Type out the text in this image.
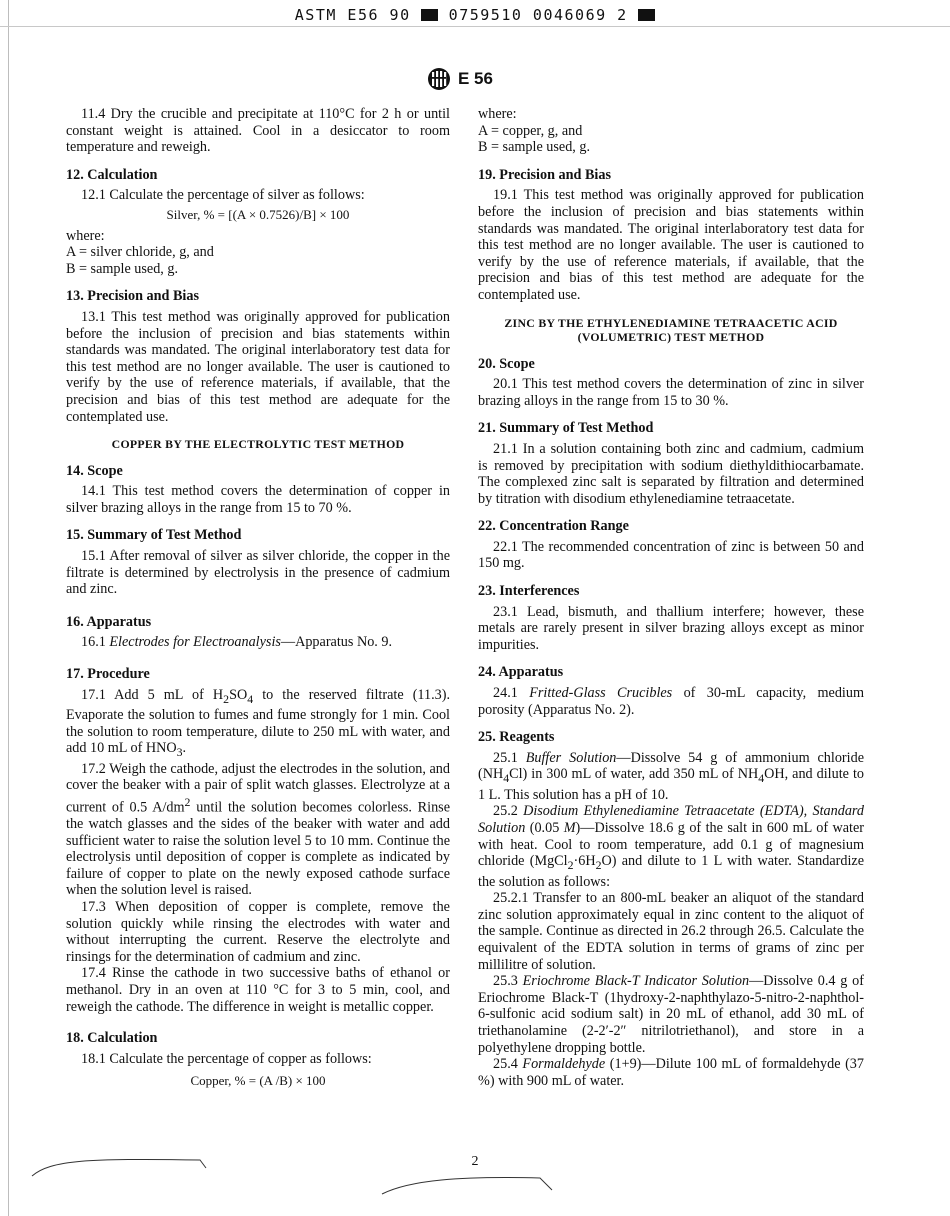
ASTM E56 90	0759510 0046069 2
E 56

11.4 Dry the crucible and precipitate at 110°C for 2 h or until constant weight is attained. Cool in a desiccator to room temperature and reweigh.

12. Calculation

12.1 Calculate the percentage of silver as follows:

Silver, % = [(A × 0.7526)/B] × 100

where:

A = silver chloride, g, and

B = sample used, g.

13. Precision and Bias

13.1 This test method was originally approved for publication before the inclusion of precision and bias statements within standards was mandated. The original interlaboratory test data for this test method are no longer available. The user is cautioned to verify by the use of reference materials, if available, that the precision and bias of this test method are adequate for the contemplated use.

COPPER BY THE ELECTROLYTIC TEST METHOD

14. Scope

14.1 This test method covers the determination of copper in silver brazing alloys in the range from 15 to 70 %.

15. Summary of Test Method

15.1 After removal of silver as silver chloride, the copper in the filtrate is determined by electrolysis in the presence of cadmium and zinc.

16. Apparatus

16.1 Electrodes for Electroanalysis—Apparatus No. 9.

17. Procedure

17.1 Add 5 mL of $H_2SO_4$ to the reserved filtrate (11.3). Evaporate the solution to fumes and fume strongly for 1 min. Cool the solution to room temperature, dilute to 250 mL with water, and add 10 mL of $HNO_3$.

17.2 Weigh the cathode, adjust the electrodes in the solution, and cover the beaker with a pair of split watch glasses. Electrolyze at a current of 0.5 $A/dm^2$ until the solution becomes colorless. Rinse the watch glasses and the sides of the beaker with water and add sufficient water to raise the solution level 5 to 10 mm. Continue the electrolysis until deposition of copper is complete as indicated by failure of copper to plate on the newly exposed cathode surface when the solution level is raised.

17.3 When deposition of copper is complete, remove the solution quickly while rinsing the electrodes with water and without interrupting the current. Reserve the electrolyte and rinsings for the determination of cadmium and zinc.

17.4 Rinse the cathode in two successive baths of ethanol or methanol. Dry in an oven at 110 °C for 3 to 5 min, cool, and reweigh the cathode. The difference in weight is metallic copper.

18. Calculation

18.1 Calculate the percentage of copper as follows:

Copper, % = (A /B) × 100

where:

A = copper, g, and

B = sample used, g.

19. Precision and Bias

19.1 This test method was originally approved for publication before the inclusion of precision and bias statements within standards was mandated. The original interlaboratory test data for this test method are no longer available. The user is cautioned to verify by the use of reference materials, if available, that the precision and bias of this test method are adequate for the contemplated use.

ZINC BY THE ETHYLENEDIAMINE TETRAACETIC ACID
(VOLUMETRIC) TEST METHOD

20. Scope

20.1 This test method covers the determination of zinc in silver brazing alloys in the range from 15 to 30 %.

21. Summary of Test Method

21.1 In a solution containing both zinc and cadmium, cadmium is removed by precipitation with sodium diethyldithiocarbamate. The complexed zinc salt is separated by filtration and determined by titration with disodium ethylenediamine tetraacetate.

22. Concentration Range

22.1 The recommended concentration of zinc is between 50 and 150 mg.

23. Interferences

23.1 Lead, bismuth, and thallium interfere; however, these metals are rarely present in silver brazing alloys except as minor impurities.

24. Apparatus

24.1 Fritted-Glass Crucibles of 30-mL capacity, medium porosity (Apparatus No. 2).

25. Reagents

25.1 Buffer Solution—Dissolve 54 g of ammonium chloride $(NH_4Cl)$ in 300 mL of water, add 350 mL of $NH_4OH$, and dilute to 1 L. This solution has a pH of 10.

25.2 Disodium Ethylenediamine Tetraacetate (EDTA), Standard Solution (0.05 M)—Dissolve 18.6 g of the salt in 600 mL of water with heat. Cool to room temperature, add 0.1 g of magnesium chloride $(MgCl_2\cdot 6H_2O)$ and dilute to 1 L with water. Standardize the solution as follows:

25.2.1 Transfer to an 800-mL beaker an aliquot of the standard zinc solution approximately equal in zinc content to the aliquot of the sample. Continue as directed in 26.2 through 26.5. Calculate the equivalent of the EDTA solution in terms of grams of zinc per millilitre of solution.

25.3 Eriochrome Black-T Indicator Solution—Dissolve 0.4 g of Eriochrome Black-T (1hydroxy-2-naphthylazo-5-nitro-2-naphthol-6-sulfonic acid sodium salt) in 20 mL of ethanol, add 30 mL of triethanolamine (2-2′-2″ nitrilotriethanol), and store in a polyethylene dropping bottle.

25.4 Formaldehyde (1+9)—Dilute 100 mL of formaldehyde (37 %) with 900 mL of water.

2
